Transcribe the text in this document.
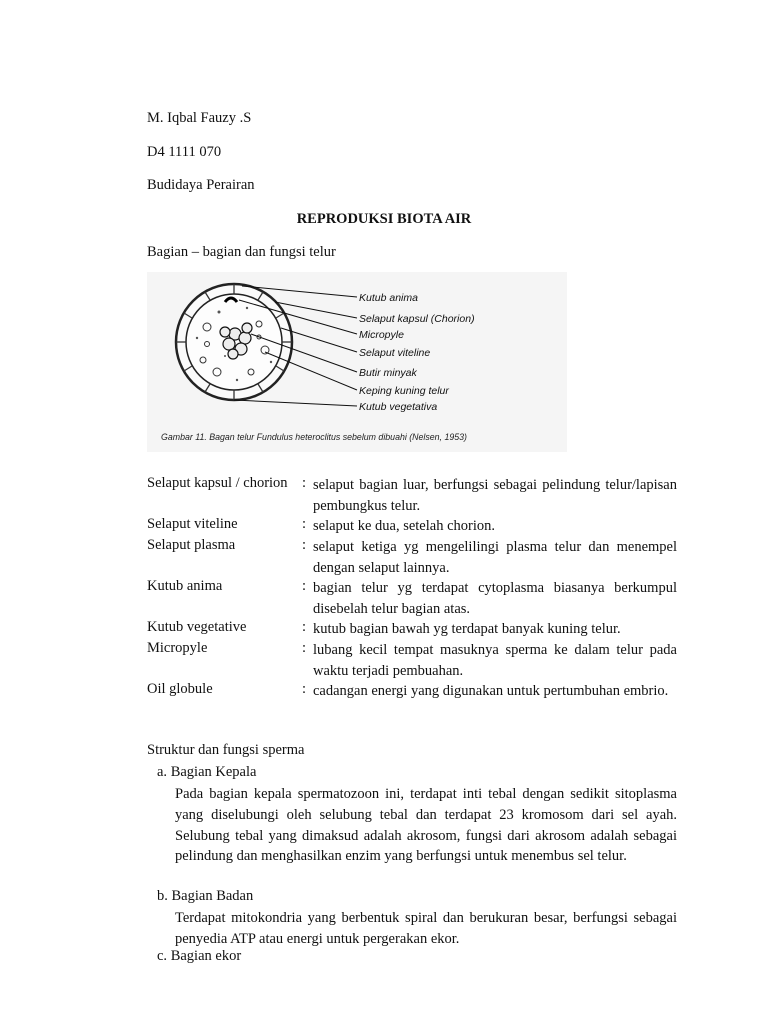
M. Iqbal Fauzy .S
D4 1111 070
Budidaya Perairan
REPRODUKSI BIOTA AIR
Bagian – bagian dan fungsi telur
Kutub anima
Selaput kapsul (Chorion)
Micropyle
Selaput viteline
Butir minyak
Keping kuning telur
Kutub vegetativa
Gambar 11. Bagan telur Fundulus heteroclitus sebelum dibuahi (Nelsen, 1953)
Selaput kapsul / chorion : selaput bagian luar, berfungsi sebagai pelindung telur/lapisan pembungkus telur.
Selaput viteline	: selaput ke dua, setelah chorion.
Selaput plasma	: selaput ketiga yg mengelilingi plasma telur dan menempel dengan selaput lainnya.
Kutub anima	: bagian telur yg terdapat cytoplasma biasanya berkumpul disebelah telur bagian atas.
Kutub vegetative	: kutub bagian bawah yg terdapat banyak kuning telur.
Micropyle	: lubang kecil tempat masuknya sperma ke dalam telur pada waktu terjadi pembuahan.
Oil globule	: cadangan energi yang digunakan untuk pertumbuhan embrio.
Struktur dan fungsi sperma
a. Bagian Kepala
Pada bagian kepala spermatozoon ini, terdapat inti tebal dengan sedikit sitoplasma yang diselubungi oleh selubung tebal dan terdapat 23 kromosom dari sel ayah. Selubung tebal yang dimaksud adalah akrosom, fungsi dari akrosom adalah sebagai pelindung dan menghasilkan enzim yang berfungsi untuk menembus sel telur.
b. Bagian Badan
Terdapat mitokondria yang berbentuk spiral dan berukuran besar, berfungsi sebagai penyedia ATP atau energi untuk pergerakan ekor.
c. Bagian ekor
